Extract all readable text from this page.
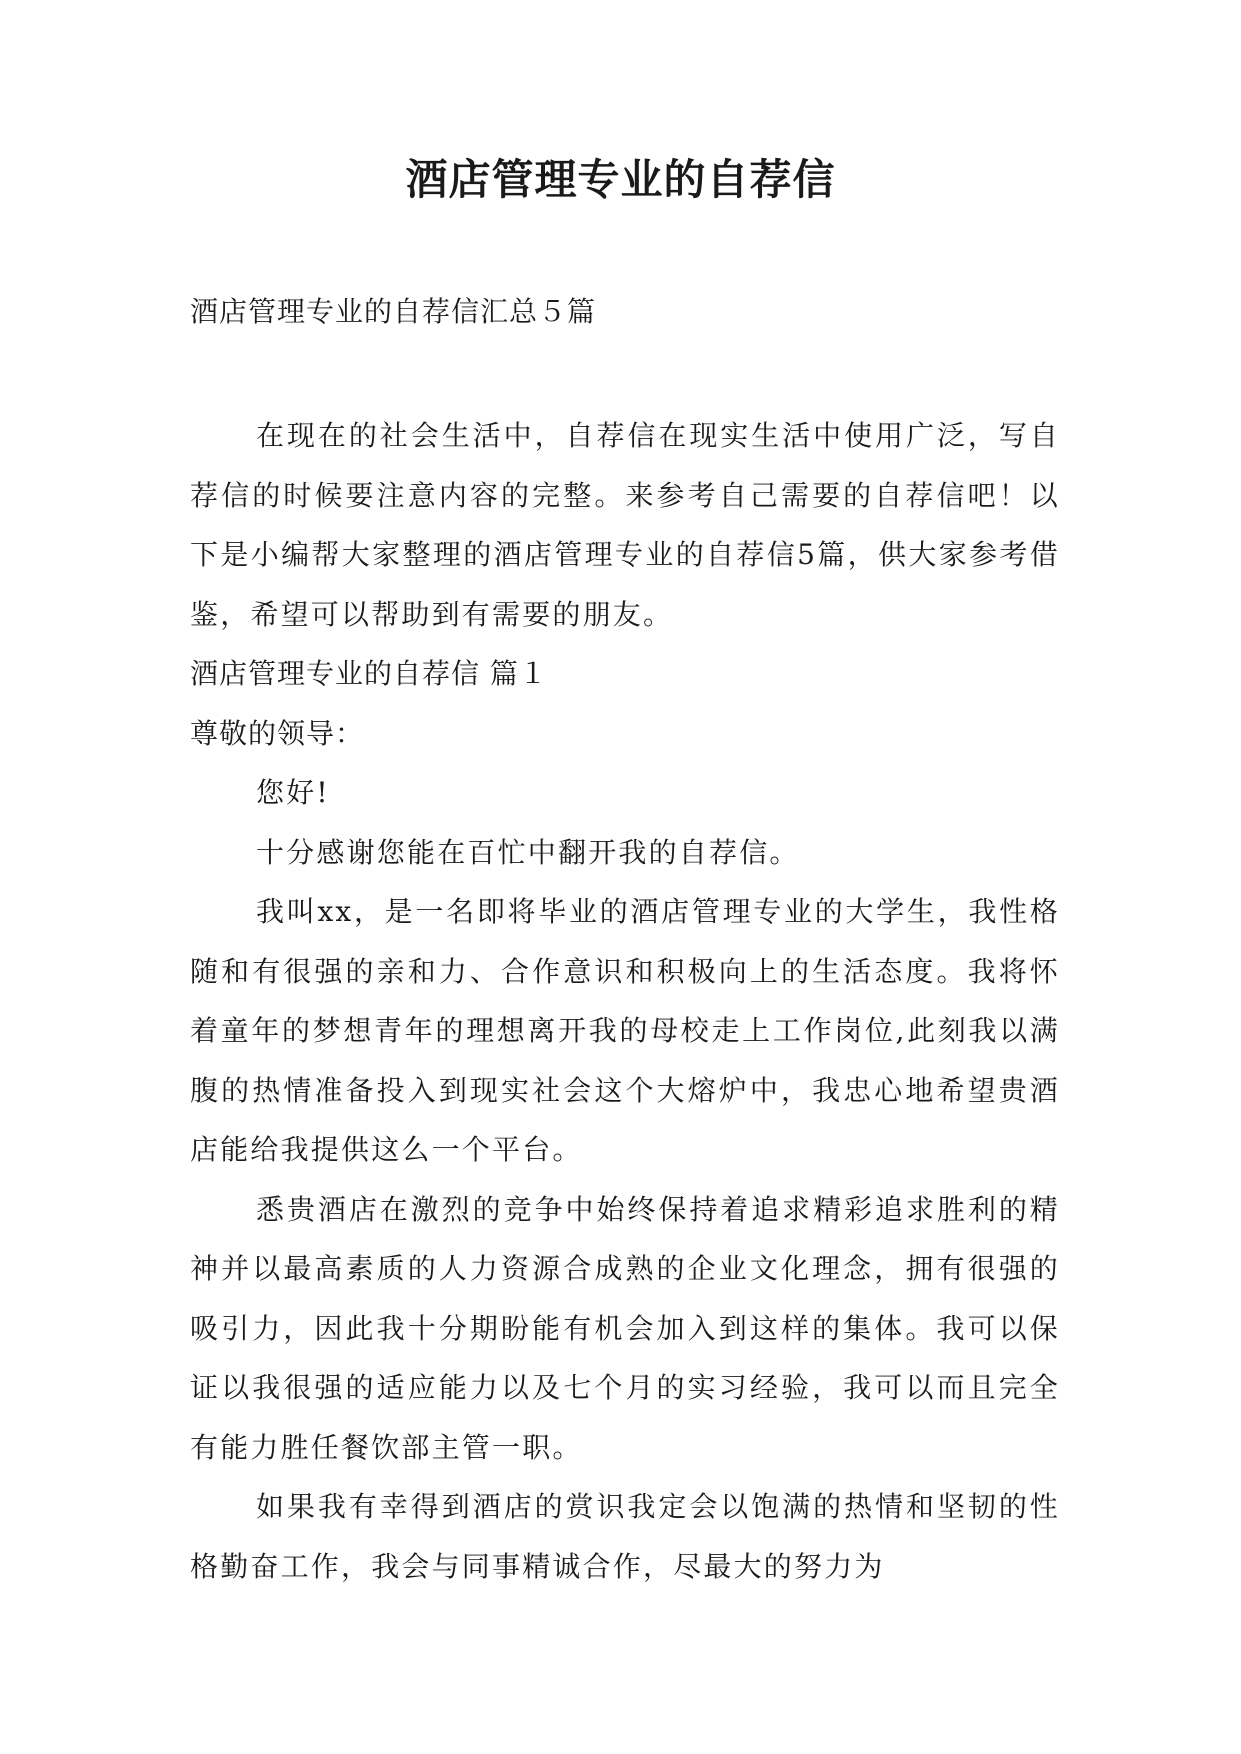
酒店管理专业的自荐信

酒店管理专业的自荐信汇总５篇

在现在的社会生活中，自荐信在现实生活中使用广泛，写自荐信的时候要注意内容的完整。来参考自己需要的自荐信吧！以下是小编帮大家整理的酒店管理专业的自荐信5篇，供大家参考借鉴，希望可以帮助到有需要的朋友。

酒店管理专业的自荐信 篇１

尊敬的领导：

您好!

十分感谢您能在百忙中翻开我的自荐信。

我叫xx，是一名即将毕业的酒店管理专业的大学生，我性格随和有很强的亲和力、合作意识和积极向上的生活态度。我将怀着童年的梦想青年的理想离开我的母校走上工作岗位,此刻我以满腹的热情准备投入到现实社会这个大熔炉中，我忠心地希望贵酒店能给我提供这么一个平台。

悉贵酒店在激烈的竞争中始终保持着追求精彩追求胜利的精神并以最高素质的人力资源合成熟的企业文化理念，拥有很强的吸引力，因此我十分期盼能有机会加入到这样的集体。我可以保证以我很强的适应能力以及七个月的实习经验，我可以而且完全有能力胜任餐饮部主管一职。

如果我有幸得到酒店的赏识我定会以饱满的热情和坚韧的性格勤奋工作，我会与同事精诚合作，尽最大的努力为
